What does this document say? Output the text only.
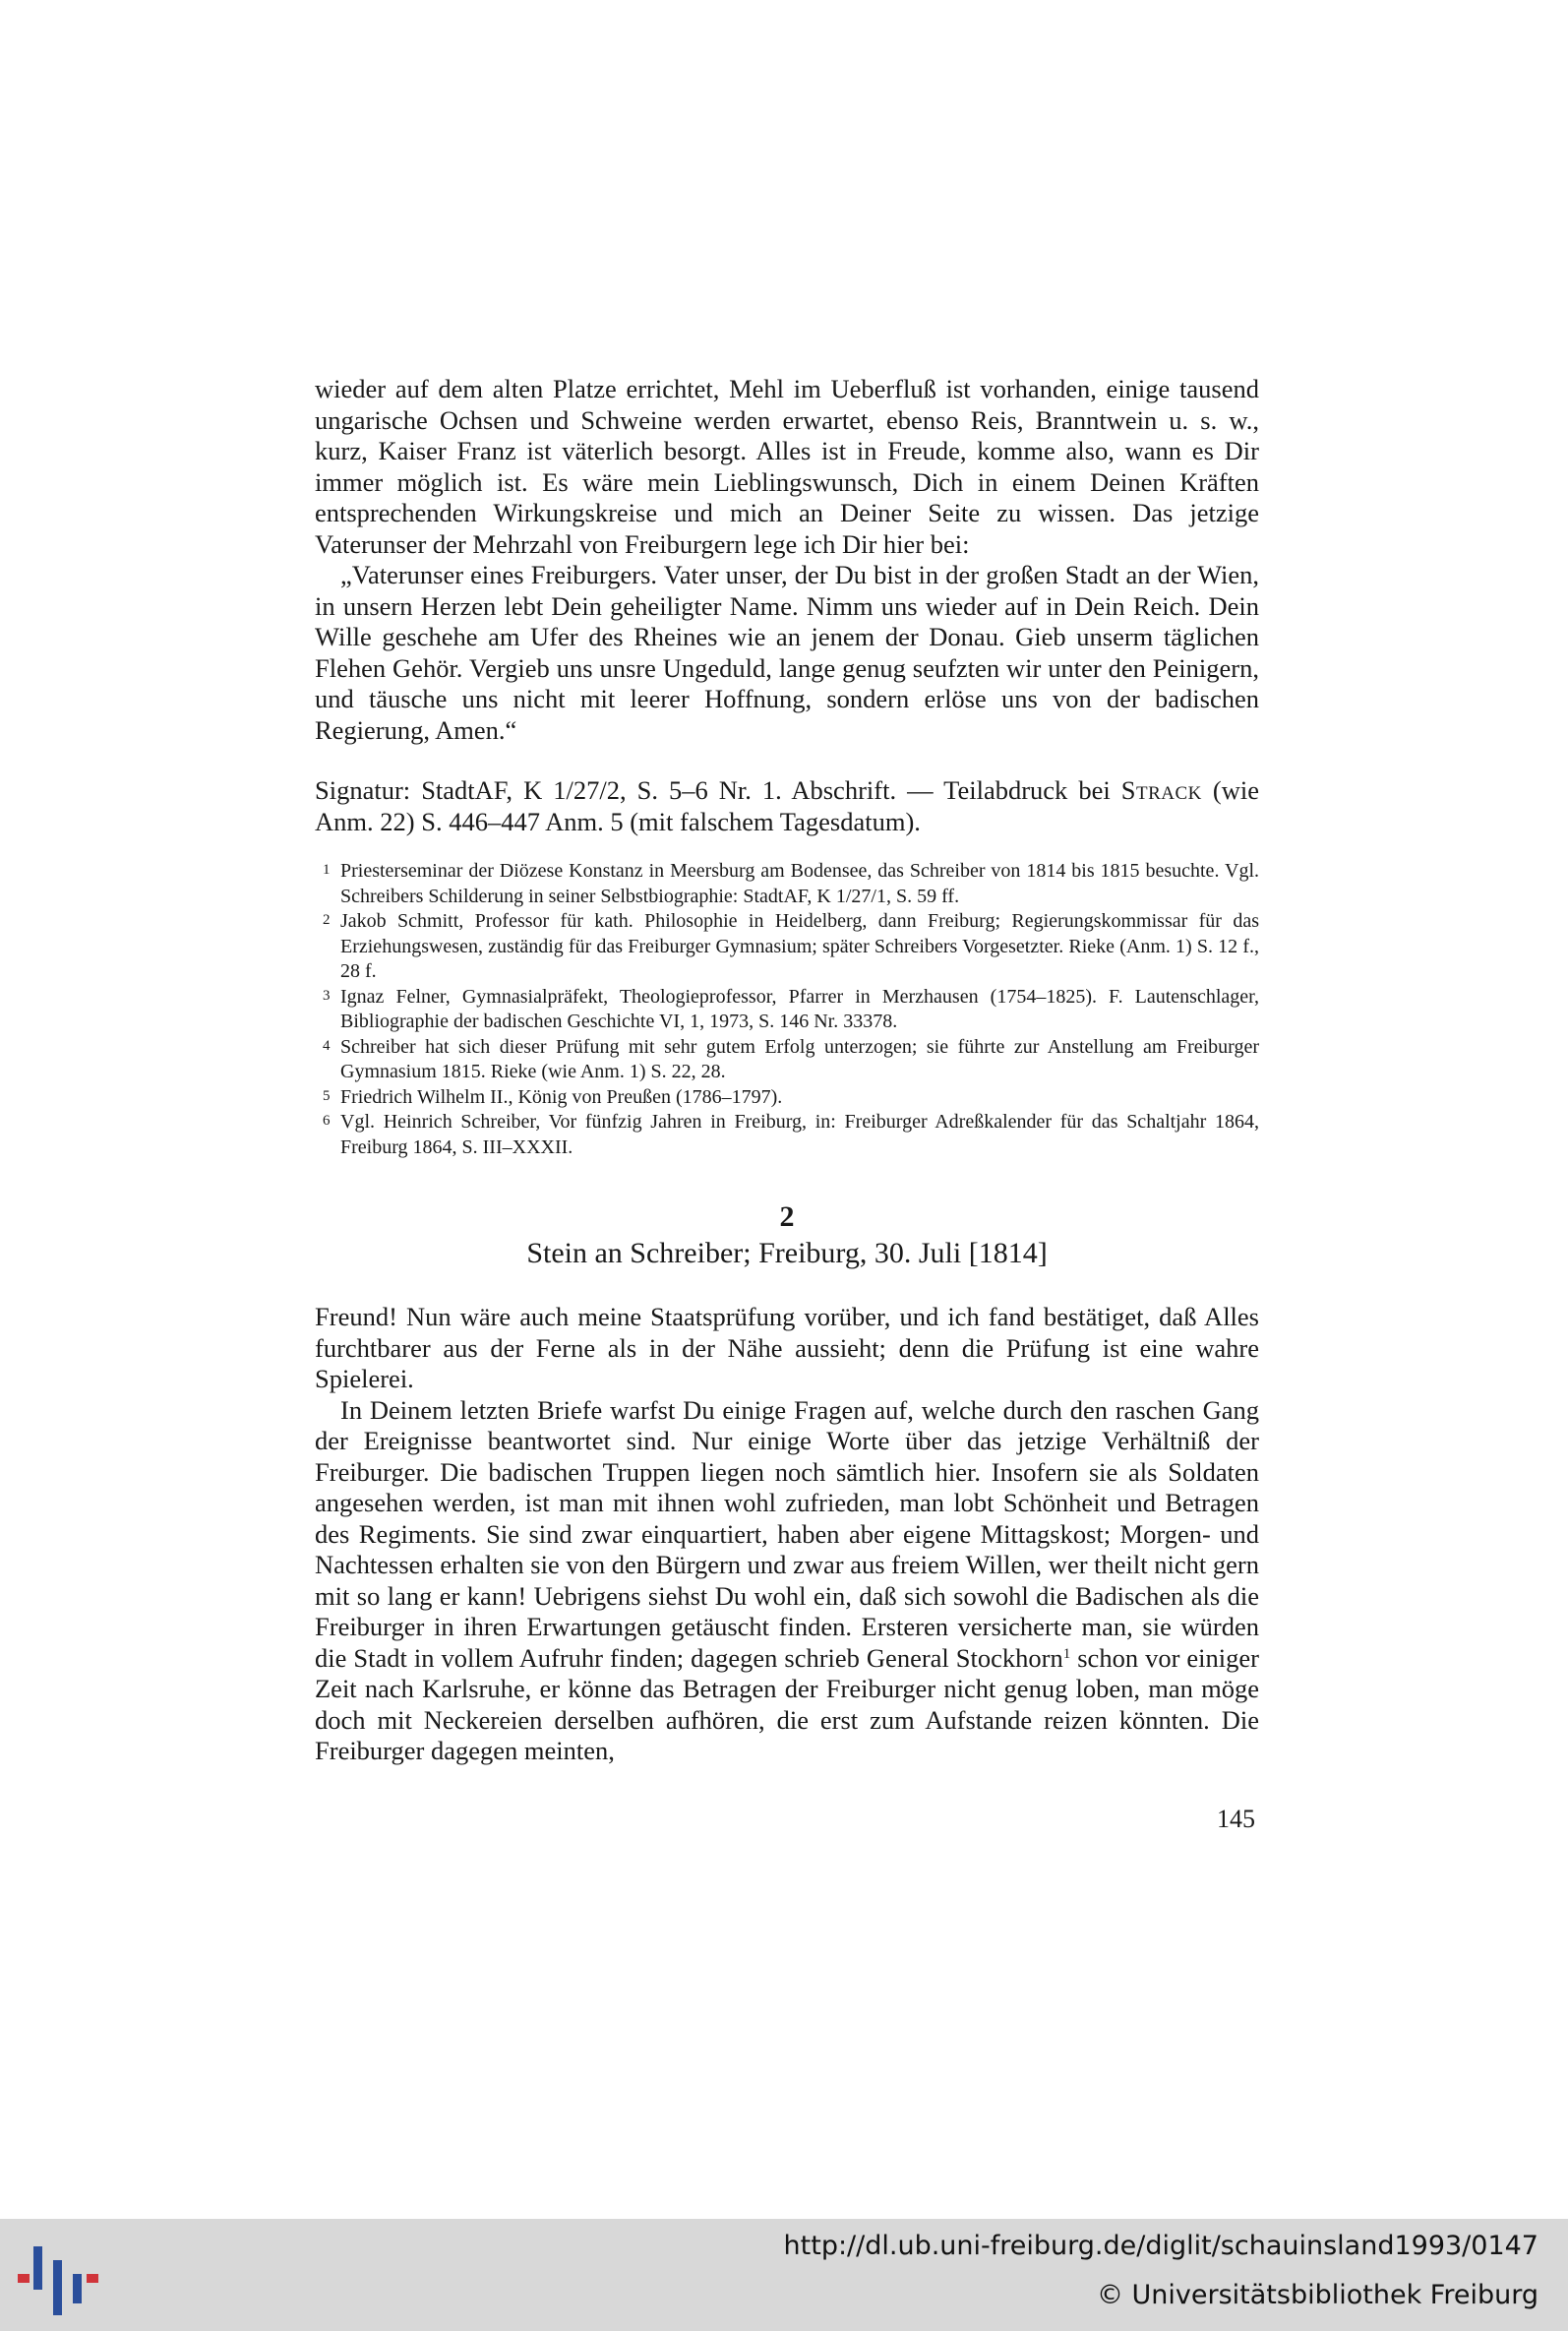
wieder auf dem alten Platze errichtet, Mehl im Ueberfluß ist vorhanden, einige tausend ungarische Ochsen und Schweine werden erwartet, ebenso Reis, Branntwein u. s. w., kurz, Kaiser Franz ist väterlich besorgt. Alles ist in Freude, komme also, wann es Dir immer möglich ist. Es wäre mein Lieblingswunsch, Dich in einem Deinen Kräften entsprechenden Wirkungskreise und mich an Deiner Seite zu wissen. Das jetzige Vaterunser der Mehrzahl von Freiburgern lege ich Dir hier bei:

„Vaterunser eines Freiburgers. Vater unser, der Du bist in der großen Stadt an der Wien, in unsern Herzen lebt Dein geheiligter Name. Nimm uns wieder auf in Dein Reich. Dein Wille geschehe am Ufer des Rheines wie an jenem der Donau. Gieb unserm täglichen Flehen Gehör. Vergieb uns unsre Ungeduld, lange genug seufzten wir unter den Peinigern, und täusche uns nicht mit leerer Hoffnung, sondern erlöse uns von der badischen Regierung, Amen.“

Signatur: StadtAF, K 1/27/2, S. 5–6 Nr. 1. Abschrift. — Teilabdruck bei Strack (wie Anm. 22) S. 446–447 Anm. 5 (mit falschem Tagesdatum).

1 Priesterseminar der Diözese Konstanz in Meersburg am Bodensee, das Schreiber von 1814 bis 1815 besuchte. Vgl. Schreibers Schilderung in seiner Selbstbiographie: StadtAF, K 1/27/1, S. 59 ff.

2 Jakob Schmitt, Professor für kath. Philosophie in Heidelberg, dann Freiburg; Regierungskommissar für das Erziehungswesen, zuständig für das Freiburger Gymnasium; später Schreibers Vorgesetzter. Rieke (Anm. 1) S. 12 f., 28 f.

3 Ignaz Felner, Gymnasialpräfekt, Theologieprofessor, Pfarrer in Merzhausen (1754–1825). F. Lautenschlager, Bibliographie der badischen Geschichte VI, 1, 1973, S. 146 Nr. 33378.

4 Schreiber hat sich dieser Prüfung mit sehr gutem Erfolg unterzogen; sie führte zur Anstellung am Freiburger Gymnasium 1815. Rieke (wie Anm. 1) S. 22, 28.

5 Friedrich Wilhelm II., König von Preußen (1786–1797).

6 Vgl. Heinrich Schreiber, Vor fünfzig Jahren in Freiburg, in: Freiburger Adreßkalender für das Schaltjahr 1864, Freiburg 1864, S. III–XXXII.

2
Stein an Schreiber; Freiburg, 30. Juli [1814]

Freund! Nun wäre auch meine Staatsprüfung vorüber, und ich fand bestätiget, daß Alles furchtbarer aus der Ferne als in der Nähe aussieht; denn die Prüfung ist eine wahre Spielerei.

In Deinem letzten Briefe warfst Du einige Fragen auf, welche durch den raschen Gang der Ereignisse beantwortet sind. Nur einige Worte über das jetzige Verhältniß der Freiburger. Die badischen Truppen liegen noch sämtlich hier. Insofern sie als Soldaten angesehen werden, ist man mit ihnen wohl zufrieden, man lobt Schönheit und Betragen des Regiments. Sie sind zwar einquartiert, haben aber eigene Mittagskost; Morgen- und Nachtessen erhalten sie von den Bürgern und zwar aus freiem Willen, wer theilt nicht gern mit so lang er kann! Uebrigens siehst Du wohl ein, daß sich sowohl die Badischen als die Freiburger in ihren Erwartungen getäuscht finden. Ersteren versicherte man, sie würden die Stadt in vollem Aufruhr finden; dagegen schrieb General Stockhorn$^1$ schon vor einiger Zeit nach Karlsruhe, er könne das Betragen der Freiburger nicht genug loben, man möge doch mit Neckereien derselben aufhören, die erst zum Aufstande reizen könnten. Die Freiburger dagegen meinten,

145
http://dl.ub.uni-freiburg.de/diglit/schauinsland1993/0147
© Universitätsbibliothek Freiburg
